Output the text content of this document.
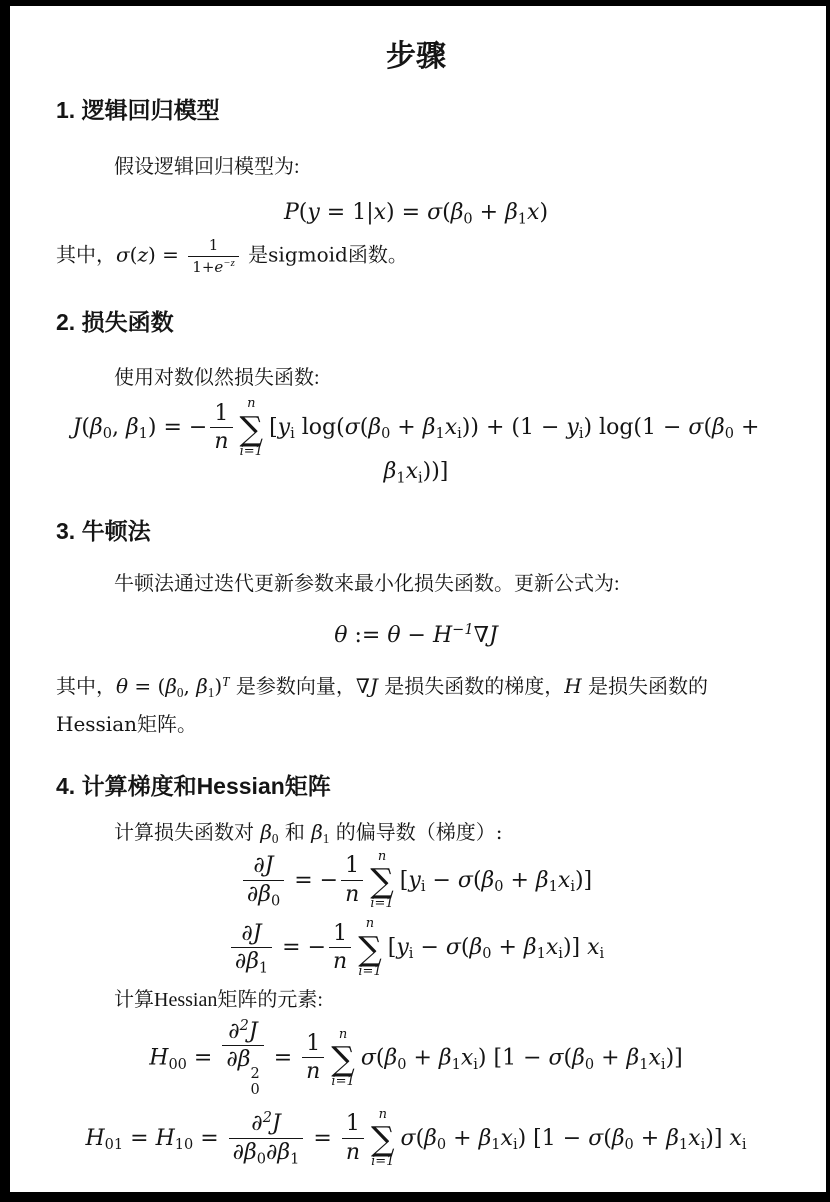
步骤
1. 逻辑回归模型

假设逻辑回归模型为:

P(y = 1|x) = σ(β0 + β1x)

其中，$\sigma(z) = \frac{1}{1+e^{-z}}$ 是sigmoid函数。

2. 损失函数

使用对数似然损失函数:

J(β0, β1) = − $\frac{1}{n}$ n
∑
i=1
[yi log(σ(β0 + β1xi)) + (1 − yi) log(1 − σ(β0 + β1xi))]
3. 牛顿法

牛顿法通过迭代更新参数来最小化损失函数。更新公式为:

θ := $\theta - H^{-1}\nabla J$

其中，θ = (β0, β1)$^T$ 是参数向量，∇J 是损失函数的梯度，H 是损失函数的Hessian矩阵。

4. 计算梯度和Hessian矩阵

计算损失函数对 β0 和 β1 的偏导数（梯度）:

$\frac{\partial J}{\partial\beta 0}$ = − $\frac{1}{n}$ n
∑
i=1
[yi − σ(β0 + β1xi)]
$\frac{\partial J}{\partial\beta 1}$ = − $\frac{1}{n}$ n
∑
i=1
[yi − σ(β0 + β1xi)] xi

计算Hessian矩阵的元素:

H00 = ∂$^2$J
∂β
2
$0 = \frac{1}{n}$ n
∑
i=1
σ(β0 + β1xi) [1 − σ(β0 + β1xi)]
$H01 = H10 = \frac{\partial^2J}{\partial\beta 0\partial\beta 1} = \frac{1}{n}$ n
∑
i=1
σ(β0 + β1xi) [1 − σ(β0 + β1xi)] xi
